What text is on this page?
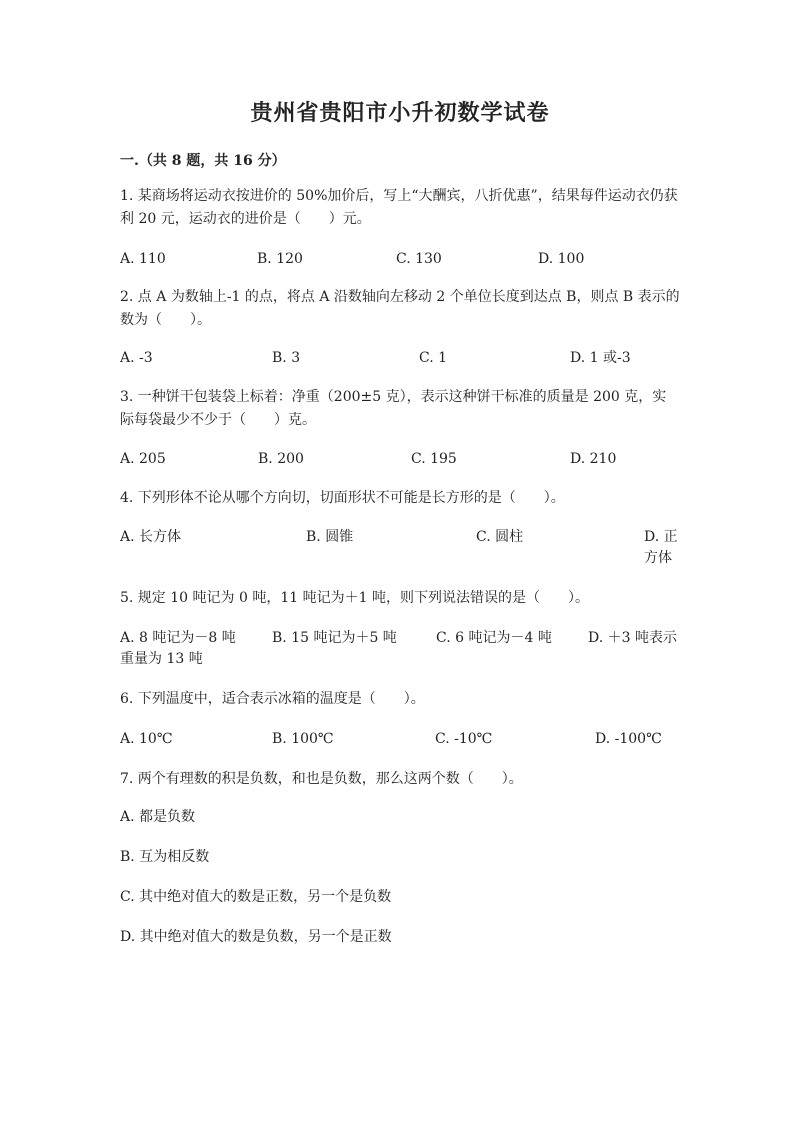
贵州省贵阳市小升初数学试卷
一.（共 8 题，共 16 分）
1. 某商场将运动衣按进价的 50%加价后，写上“大酬宾，八折优惠”，结果每件运动衣仍获利 20 元，运动衣的进价是（　　）元。
A. 110	B. 120	C. 130	D. 100
2. 点 A 为数轴上-1 的点，将点 A 沿数轴向左移动 2 个单位长度到达点 B，则点 B 表示的数为（　　）。
A. -3	B. 3	C. 1	D. 1 或-3
3. 一种饼干包装袋上标着：净重（200±5 克），表示这种饼干标准的质量是 200 克，实际每袋最少不少于（　　）克。
A. 205	B. 200	C. 195	D. 210
4. 下列形体不论从哪个方向切，切面形状不可能是长方形的是（　　）。
A. 长方体	B. 圆锥	C. 圆柱	D. 正方体
5. 规定 10 吨记为 0 吨，11 吨记为＋1 吨，则下列说法错误的是（　　）。
A. 8 吨记为－8 吨	B. 15 吨记为＋5 吨	C. 6 吨记为－4 吨	D. ＋3 吨表示重量为 13 吨
6. 下列温度中，适合表示冰箱的温度是（　　）。
A. 10℃	B. 100℃	C. -10℃	D. -100℃
7. 两个有理数的积是负数，和也是负数，那么这两个数（　　）。
A. 都是负数
B. 互为相反数
C. 其中绝对值大的数是正数，另一个是负数
D. 其中绝对值大的数是负数，另一个是正数
